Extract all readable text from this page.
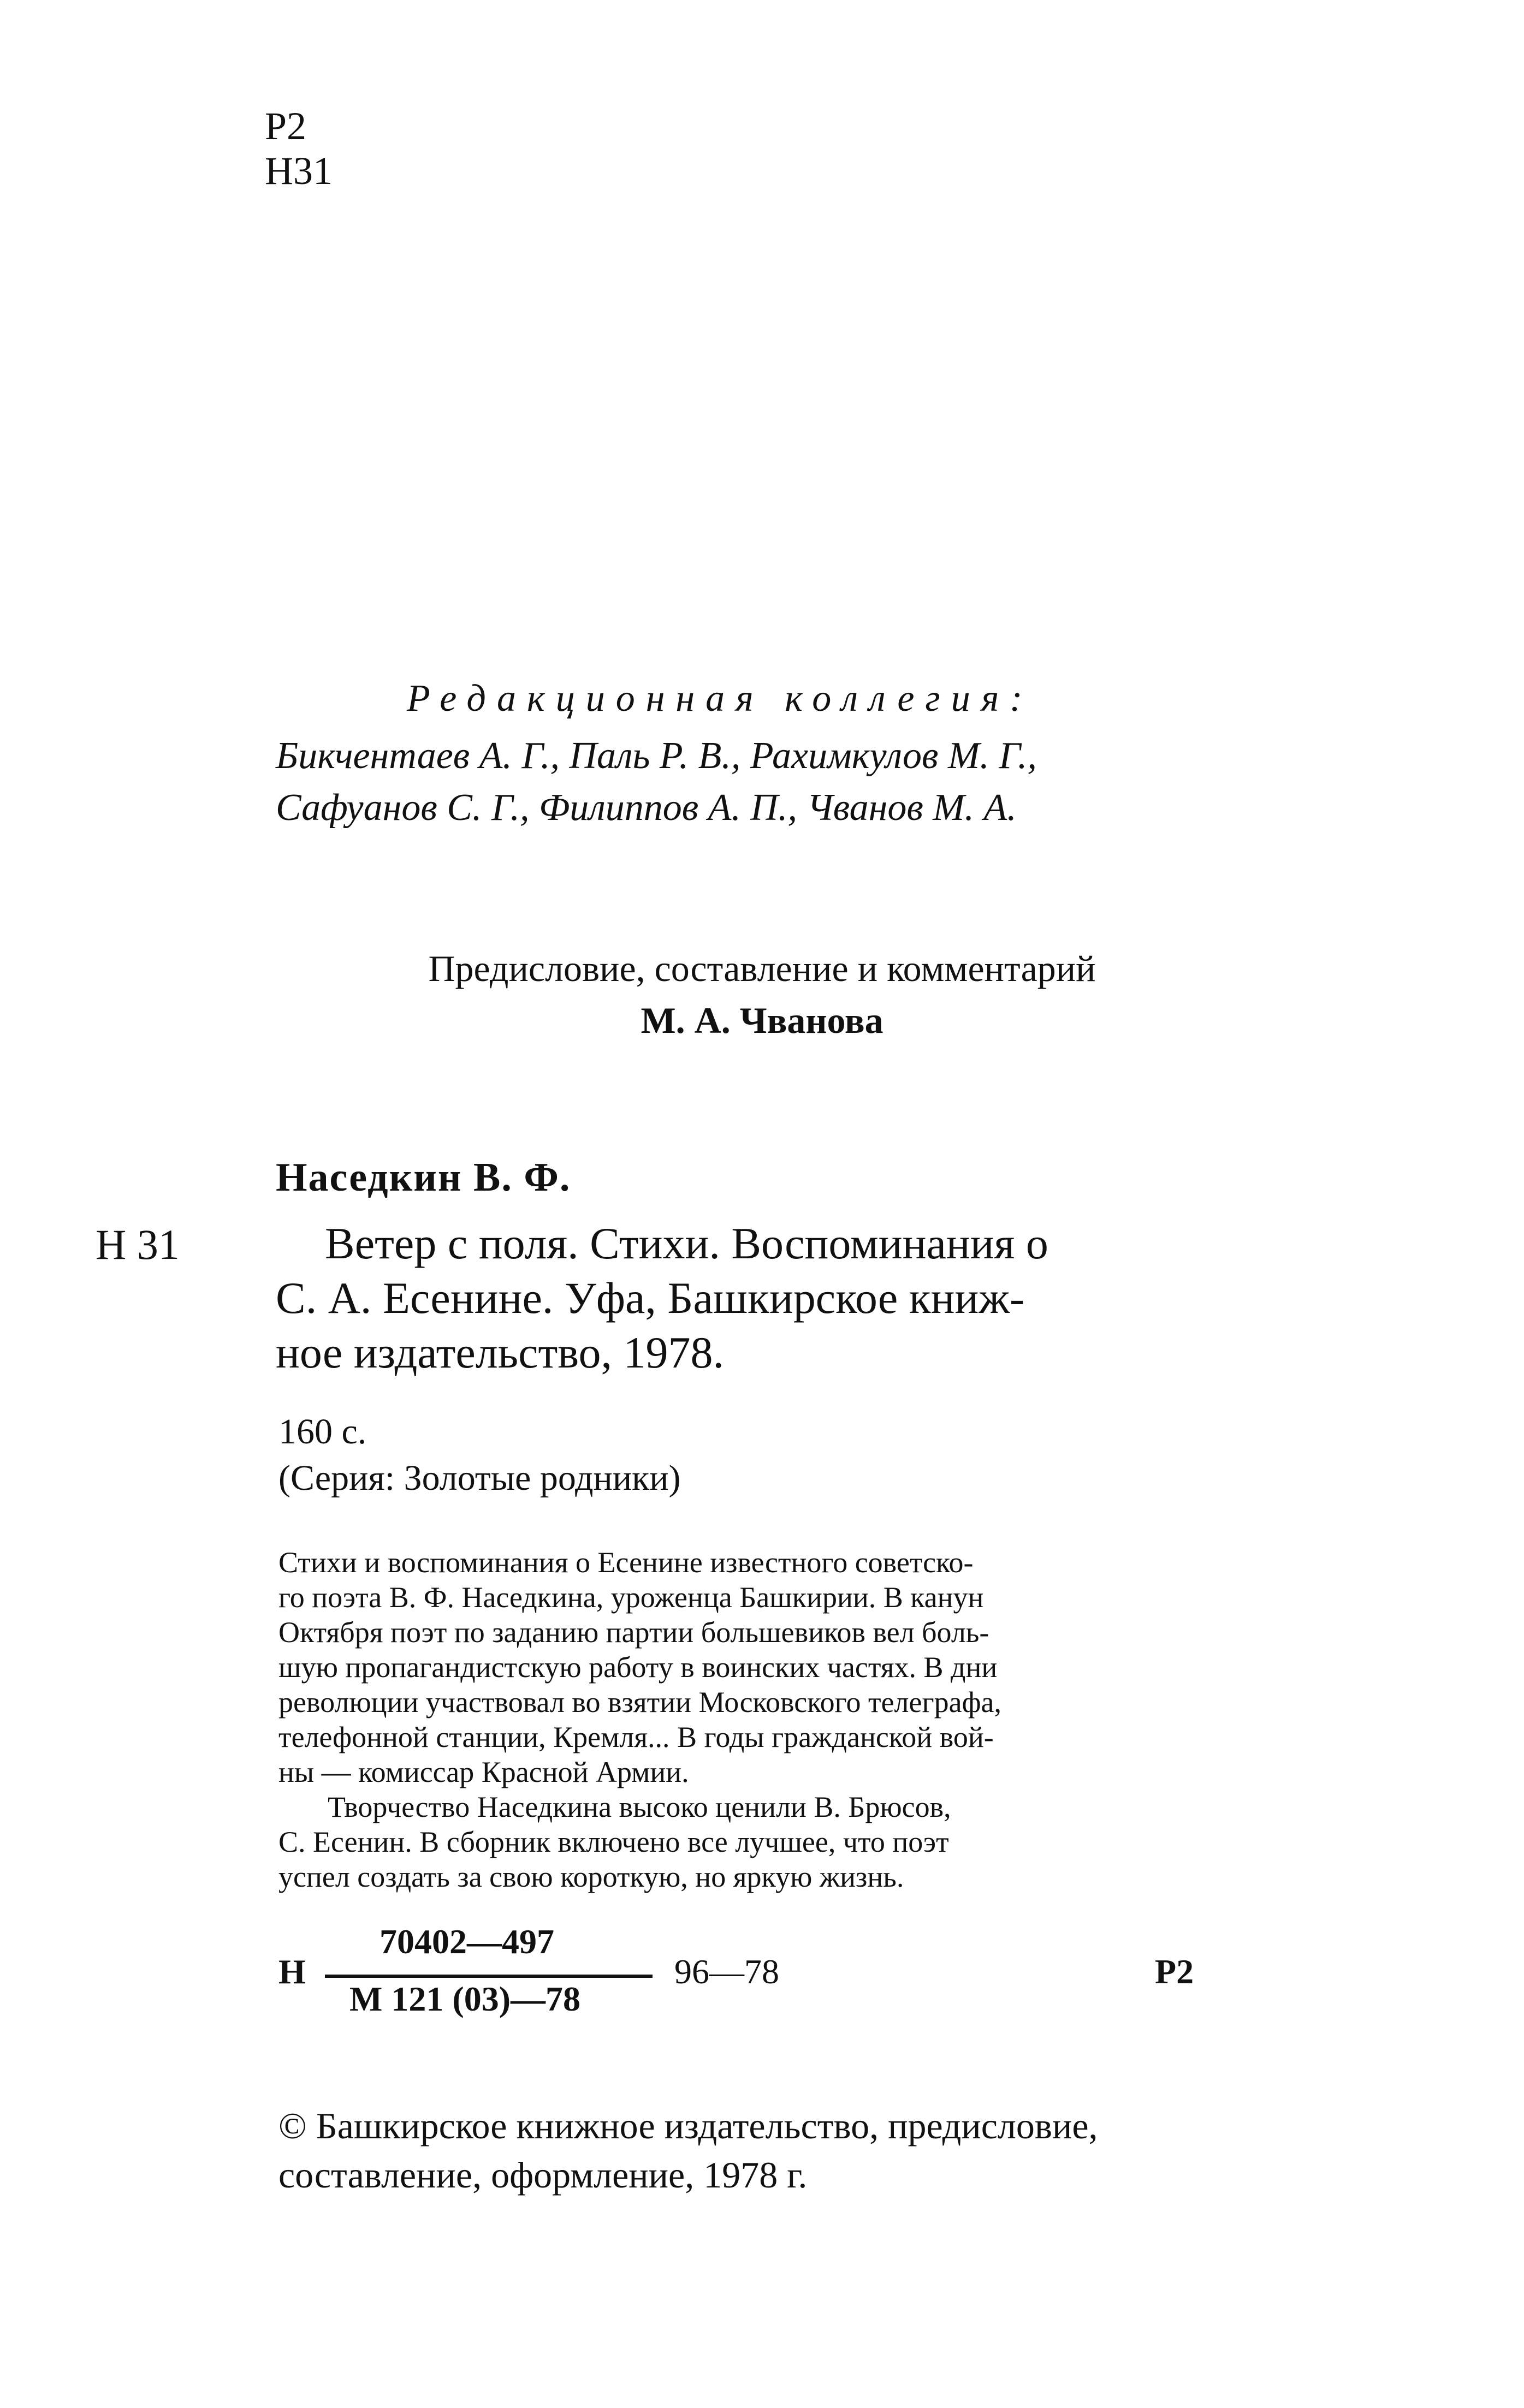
Р2
Н31
Редакционная коллегия:
Бикчентаев А. Г., Паль Р. В., Рахимкулов М. Г.,
Сафуанов С. Г., Филиппов А. П., Чванов М. А.
Предисловие, составление и комментарий
М. А. Чванова
Наседкин В. Ф.
Н 31	Ветер с поля. Стихи. Воспоминания о
С. А. Есенине. Уфа, Башкирское книж-
ное издательство, 1978.
160 с.
(Серия: Золотые родники)
Стихи и воспоминания о Есенине известного советско-
го поэта В. Ф. Наседкина, уроженца Башкирии. В канун
Октября поэт по заданию партии большевиков вел боль-
шую пропагандистскую работу в воинских частях. В дни
революции участвовал во взятии Московского телеграфа,
телефонной станции, Кремля... В годы гражданской вой-
ны — комиссар Красной Армии.
Творчество Наседкина высоко ценили В. Брюсов,
С. Есенин. В сборник включено все лучшее, что поэт
успел создать за свою короткую, но яркую жизнь.
Н
70402—497
М 121 (03)—78
96—78	Р2
© Башкирское книжное издательство, предисловие,
составление, оформление, 1978 г.
